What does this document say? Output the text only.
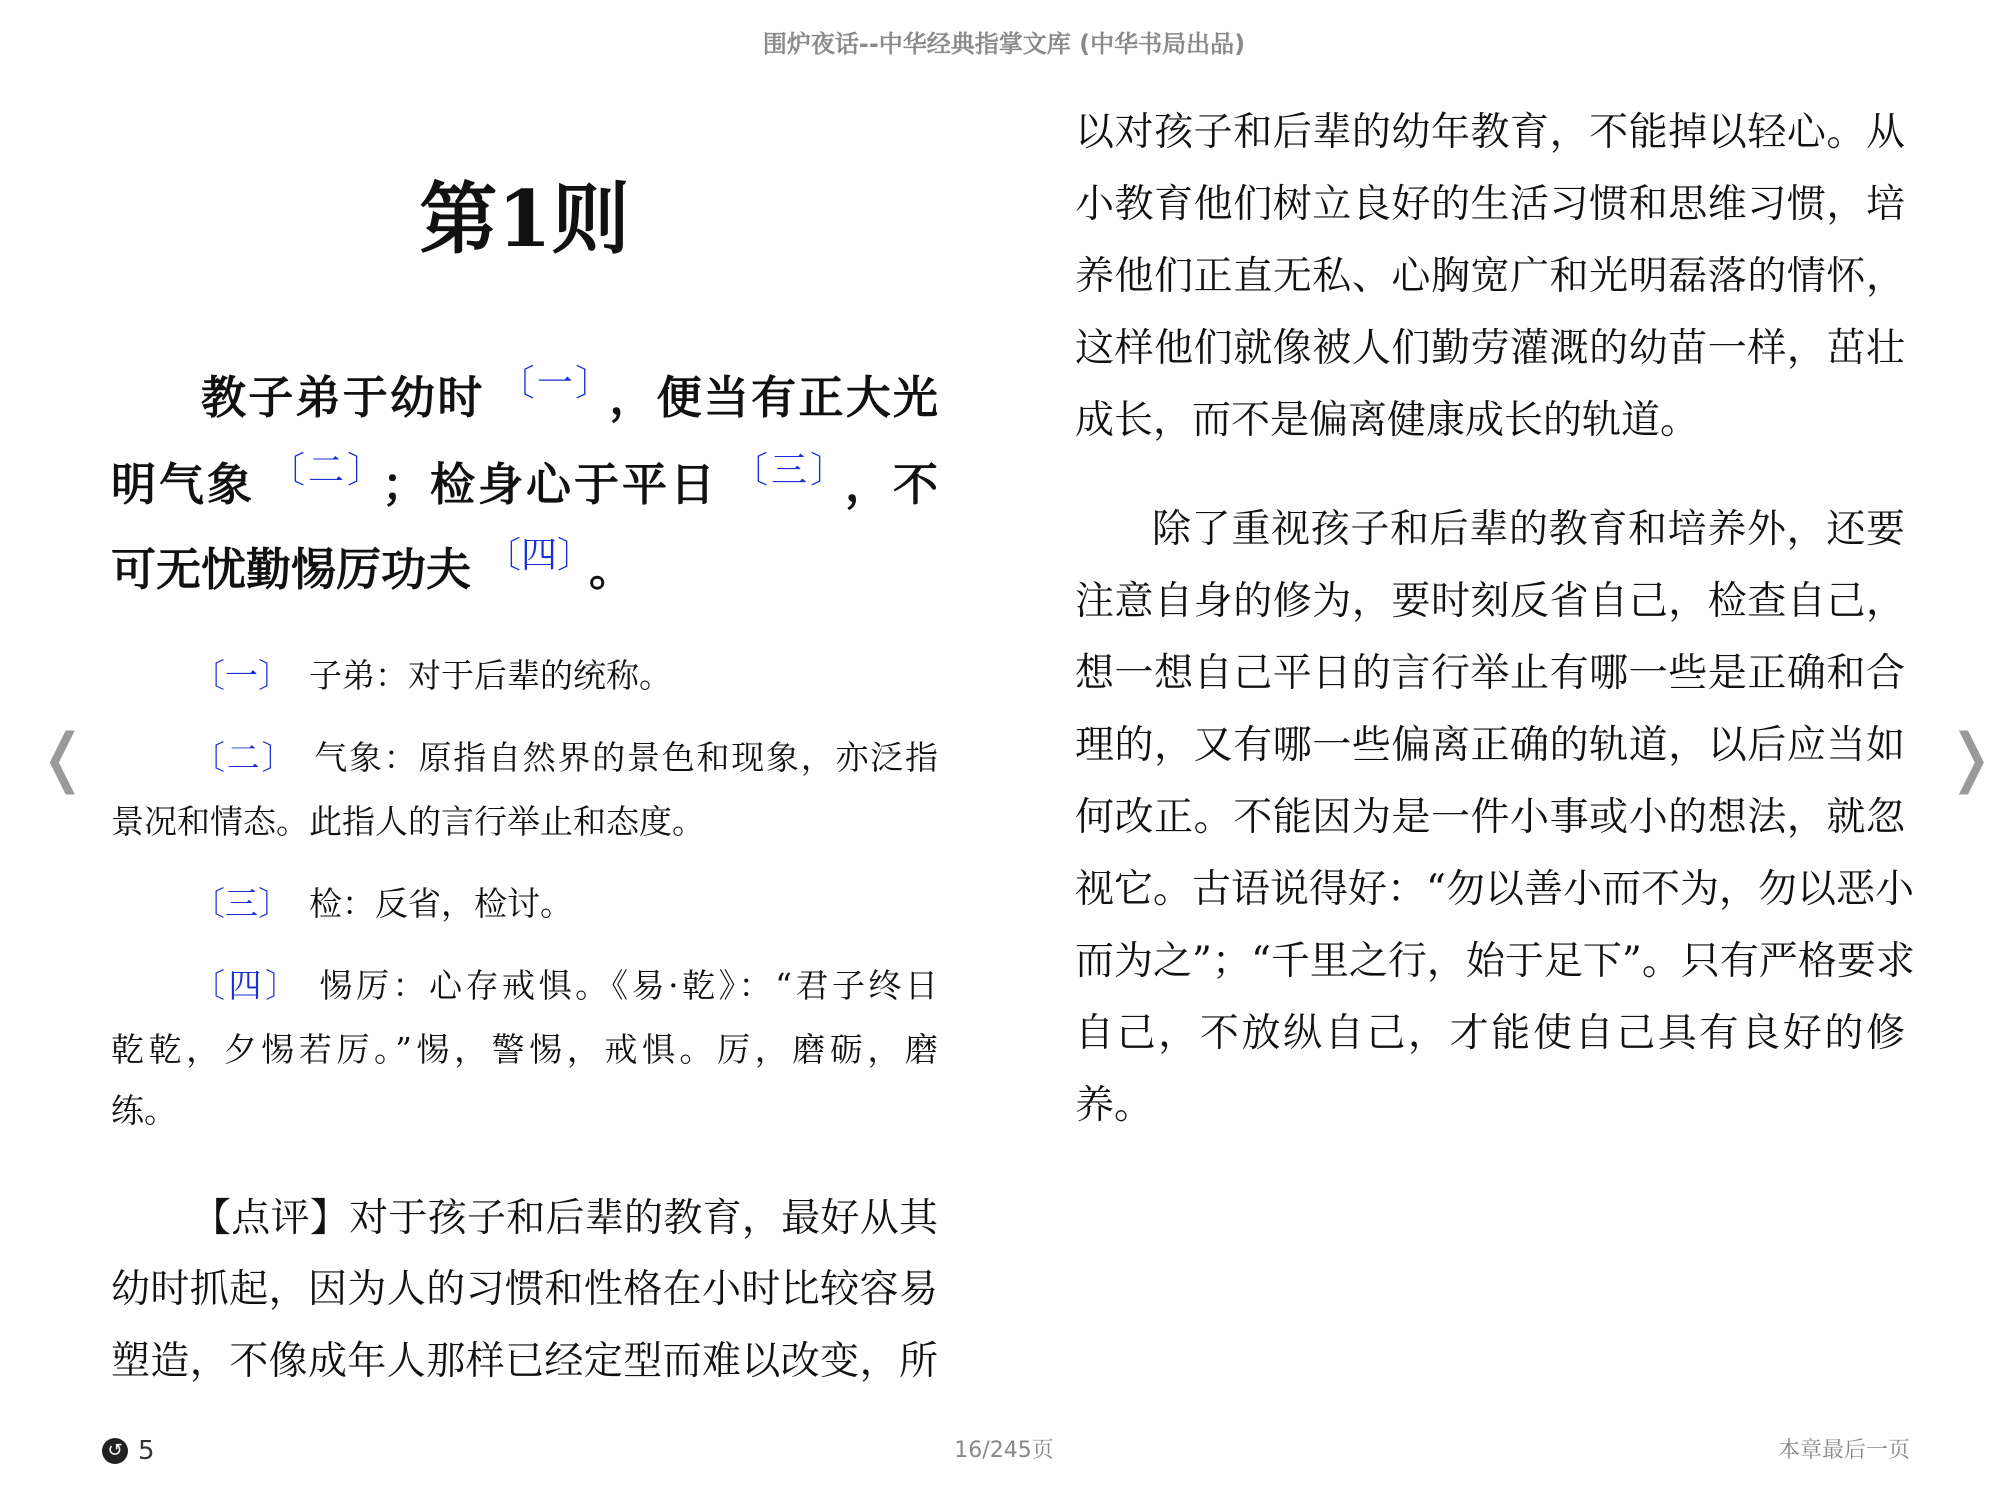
围炉夜话--中华经典指掌文库 (中华书局出品)
第1则
教子弟于幼时 $^{〔一〕}$ ，便当有正大光
明气象 $^{〔二〕}$ ；检身心于平日 $^{〔三〕}$ ，不
可无忧勤惕厉功夫 $^{〔四〕}$ 。
〔一〕 子弟：对于后辈的统称。
〔二〕 气象：原指自然界的景色和现象，亦泛指
景况和情态。此指人的言行举止和态度。
〔三〕 检：反省，检讨。
〔四〕 惕厉：心存戒惧。《易·乾》：“君子终日
乾乾，夕惕若厉。”惕，警惕，戒惧。厉，磨砺，磨
练。
【点评】对于孩子和后辈的教育，最好从其
幼时抓起，因为人的习惯和性格在小时比较容易
塑造，不像成年人那样已经定型而难以改变，所
以对孩子和后辈的幼年教育，不能掉以轻心。从
小教育他们树立良好的生活习惯和思维习惯，培
养他们正直无私、心胸宽广和光明磊落的情怀，
这样他们就像被人们勤劳灌溉的幼苗一样，茁壮
成长，而不是偏离健康成长的轨道。
除了重视孩子和后辈的教育和培养外，还要
注意自身的修为，要时刻反省自己，检查自己，
想一想自己平日的言行举止有哪一些是正确和合
理的，又有哪一些偏离正确的轨道，以后应当如
何改正。不能因为是一件小事或小的想法，就忽
视它。古语说得好：“勿以善小而不为，勿以恶小
而为之”；“千里之行，始于足下”。只有严格要求
自己，不放纵自己，才能使自己具有良好的修
养。
❬	❭
↺ 5	16/245页	本章最后一页
